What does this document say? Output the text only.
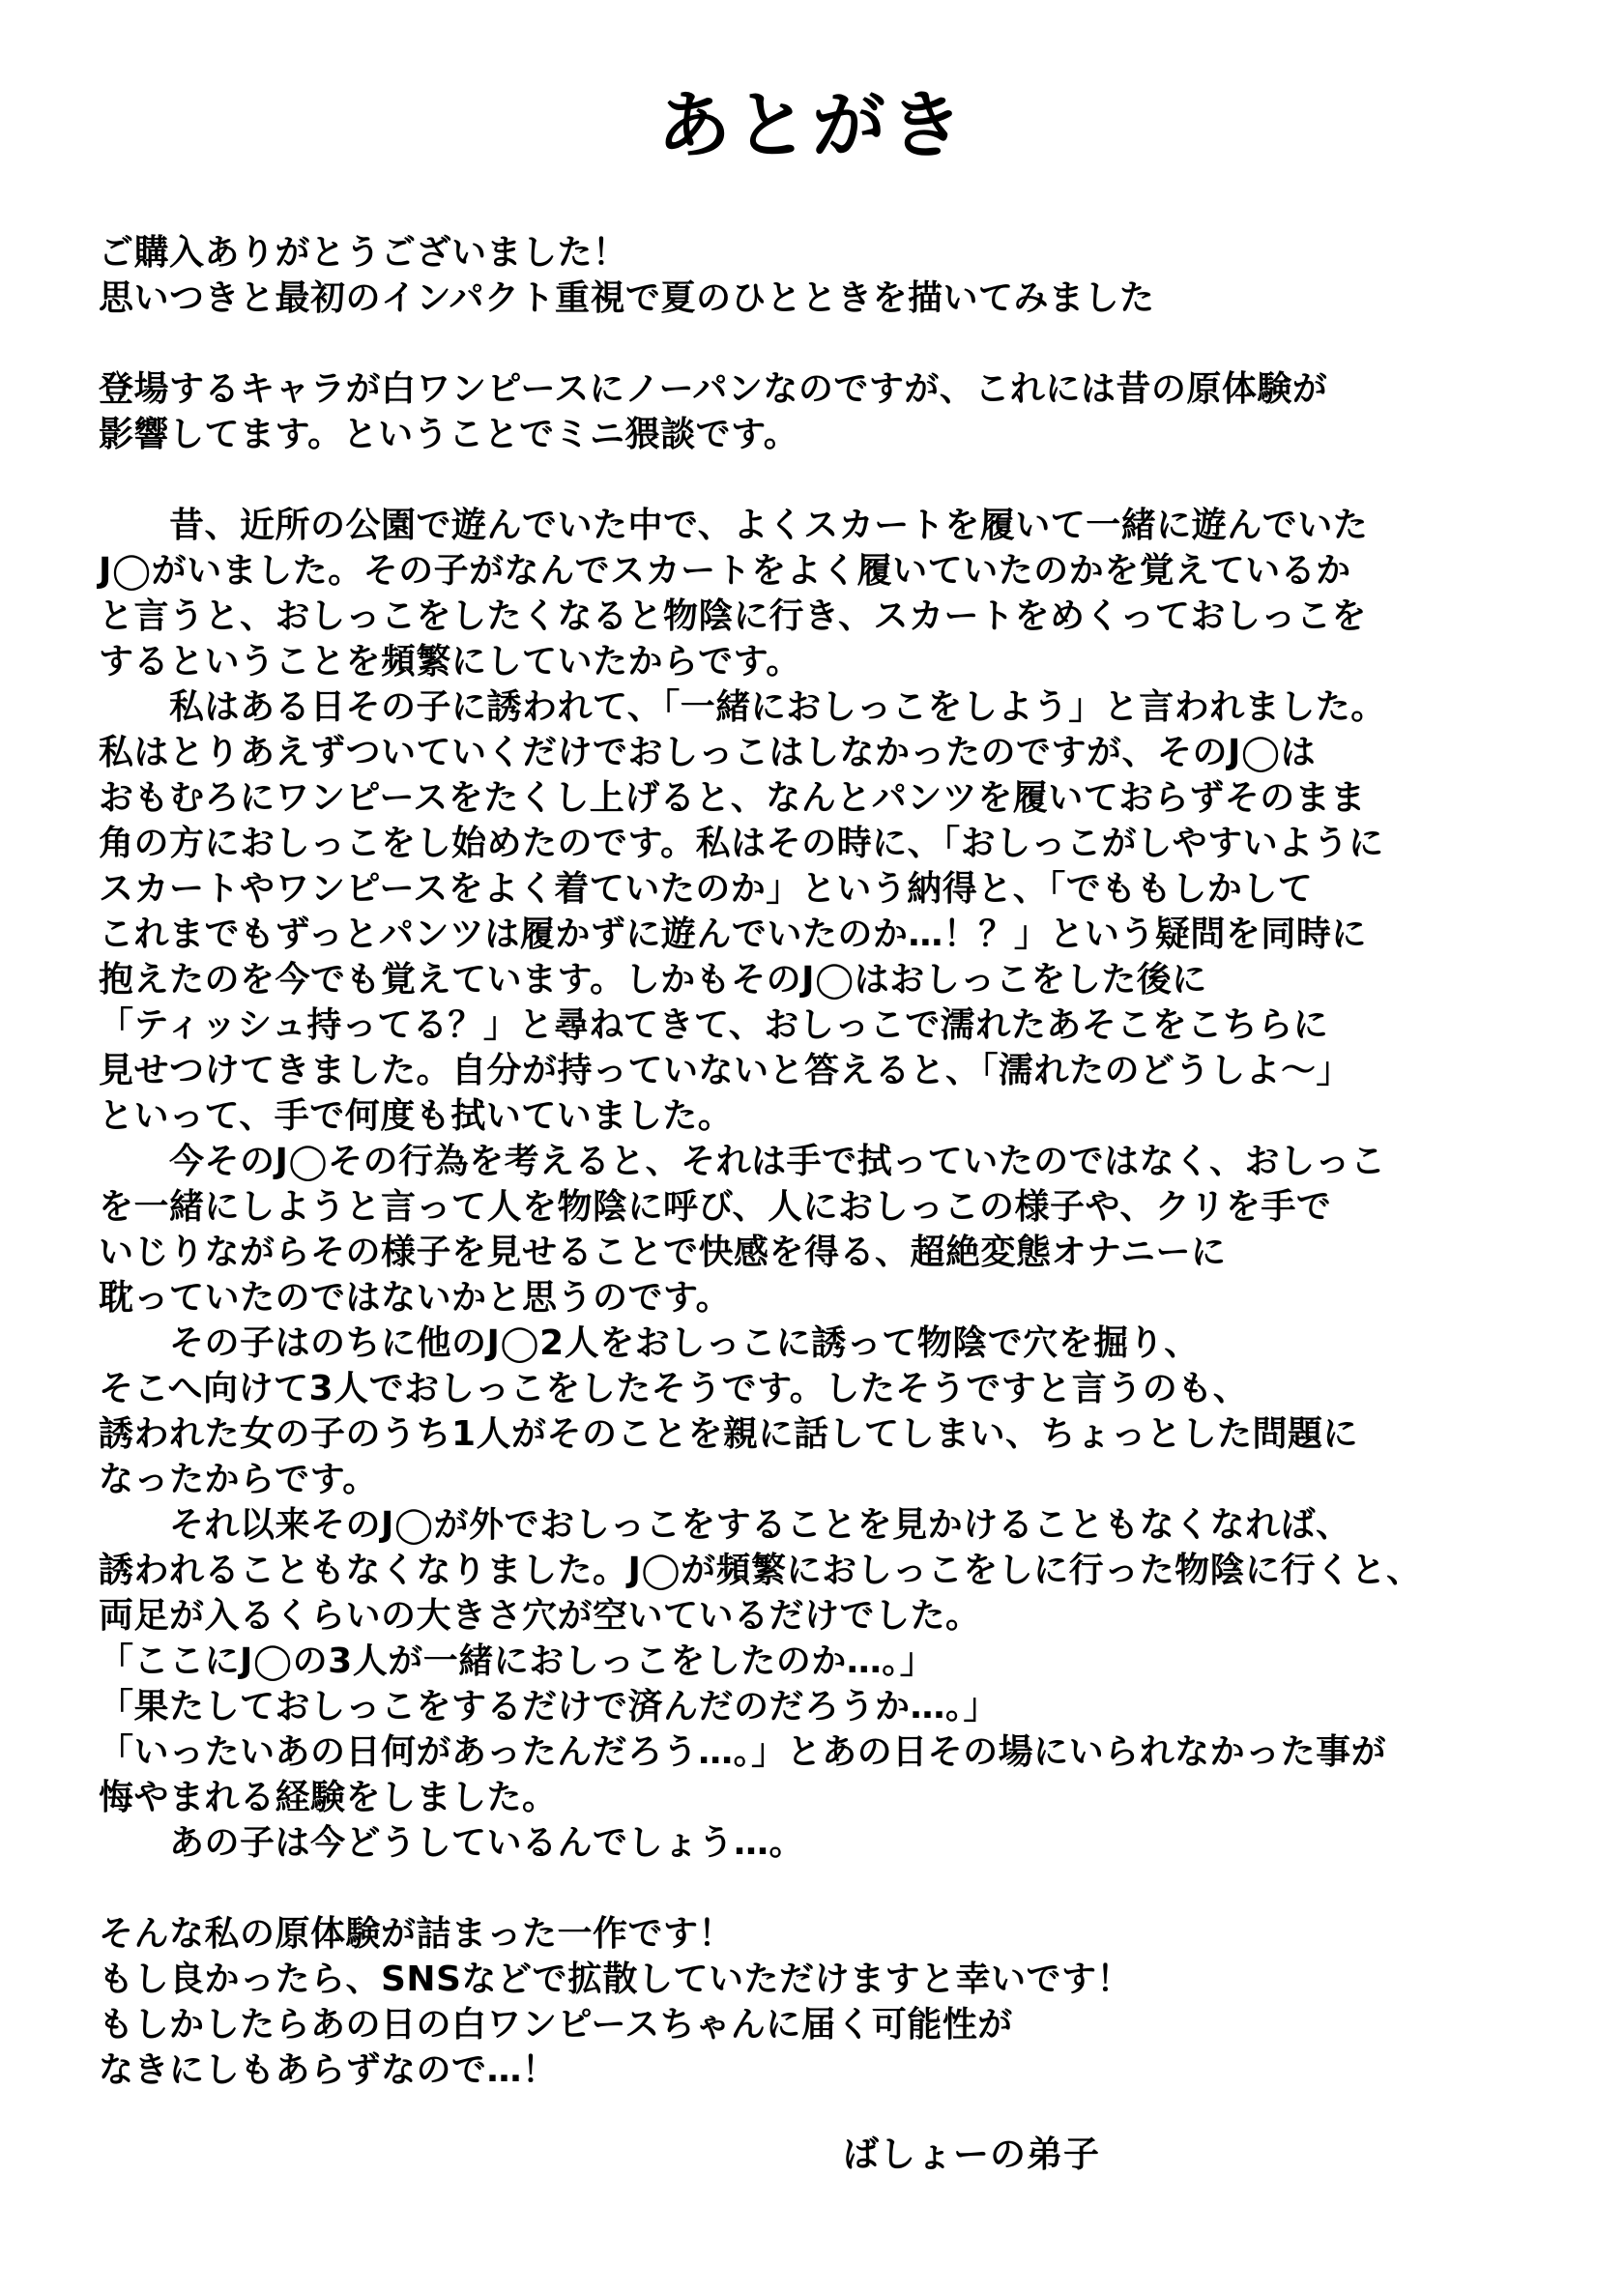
あとがき
ご購入ありがとうございました！
思いつきと最初のインパクト重視で夏のひとときを描いてみました
登場するキャラが白ワンピースにノーパンなのですが、これには昔の原体験が
影響してます。ということでミニ猥談です。
　　昔、近所の公園で遊んでいた中で、よくスカートを履いて一緒に遊んでいた
J◯がいました。その子がなんでスカートをよく履いていたのかを覚えているか
と言うと、おしっこをしたくなると物陰に行き、スカートをめくっておしっこを
するということを頻繁にしていたからです。
　　私はある日その子に誘われて、「一緒におしっこをしよう」と言われました。
私はとりあえずついていくだけでおしっこはしなかったのですが、そのJ◯は
おもむろにワンピースをたくし上げると、なんとパンツを履いておらずそのまま
角の方におしっこをし始めたのです。私はその時に、「おしっこがしやすいように
スカートやワンピースをよく着ていたのか」という納得と、「でももしかして
これまでもずっとパンツは履かずに遊んでいたのか…！？」という疑問を同時に
抱えたのを今でも覚えています。しかもそのJ◯はおしっこをした後に
「ティッシュ持ってる？」と尋ねてきて、おしっこで濡れたあそこをこちらに
見せつけてきました。自分が持っていないと答えると、「濡れたのどうしよ〜」
といって、手で何度も拭いていました。
　　今そのJ◯その行為を考えると、それは手で拭っていたのではなく、おしっこ
を一緒にしようと言って人を物陰に呼び、人におしっこの様子や、クリを手で
いじりながらその様子を見せることで快感を得る、超絶変態オナニーに
耽っていたのではないかと思うのです。
　　その子はのちに他のJ◯2人をおしっこに誘って物陰で穴を掘り、
そこへ向けて3人でおしっこをしたそうです。したそうですと言うのも、
誘われた女の子のうち1人がそのことを親に話してしまい、ちょっとした問題に
なったからです。
　　それ以来そのJ◯が外でおしっこをすることを見かけることもなくなれば、
誘われることもなくなりました。J◯が頻繁におしっこをしに行った物陰に行くと、
両足が入るくらいの大きさ穴が空いているだけでした。
「ここにJ◯の3人が一緒におしっこをしたのか…。」
「果たしておしっこをするだけで済んだのだろうか…。」
「いったいあの日何があったんだろう…。」とあの日その場にいられなかった事が
悔やまれる経験をしました。
　　あの子は今どうしているんでしょう…。
そんな私の原体験が詰まった一作です！
もし良かったら、SNSなどで拡散していただけますと幸いです！
もしかしたらあの日の白ワンピースちゃんに届く可能性が
なきにしもあらずなので…！
ばしょーの弟子
